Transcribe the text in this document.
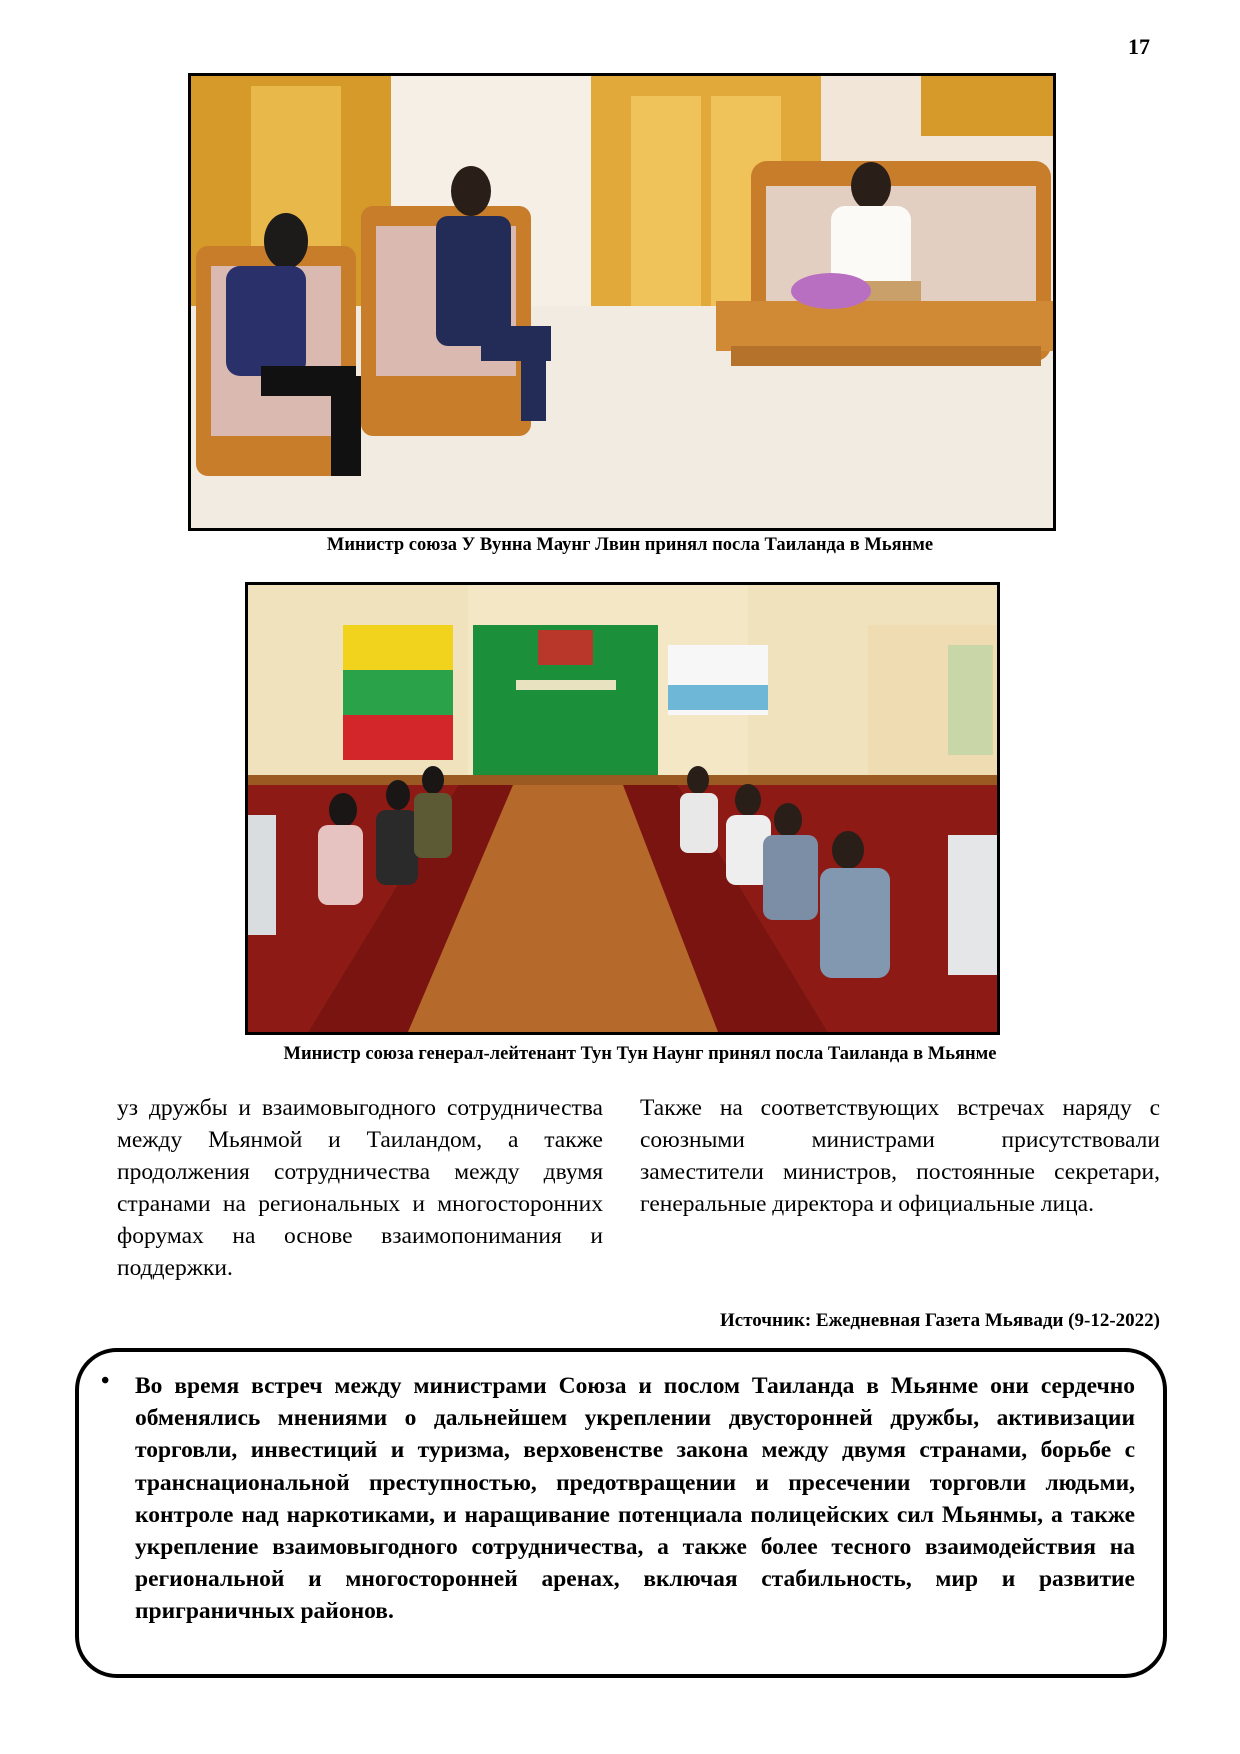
17
Министр союза У Вунна Маунг Лвин принял посла Таиланда в Мьянме
Министр союза генерал-лейтенант Тун Тун Наунг принял посла Таиланда в Мьянме
уз дружбы и взаимовыгодного сотрудничества между Мьянмой и Таиландом, а также продолжения сотрудничества между двумя странами на региональных и многосторонних форумах на основе взаимопонимания и поддержки.
Также на соответствующих встречах наряду с союзными министрами присутствовали заместители министров, постоянные секретари, генеральные директора и официальные лица.
Источник: Ежедневная Газета Мьявади (9-12-2022)
• Во время встреч между министрами Союза и послом Таиланда в Мьянме они сердечно обменялись мнениями о дальнейшем укреплении двусторонней дружбы, активизации торговли, инвестиций и туризма, верховенстве закона между двумя странами, борьбе с транснациональной преступностью, предотвращении и пресечении торговли людьми, контроле над наркотиками, и наращивание потенциала полицейских сил Мьянмы, а также укрепление взаимовыгодного сотрудничества, а также более тесного взаимодействия на региональной и многосторонней аренах, включая стабильность, мир и развитие приграничных районов.
